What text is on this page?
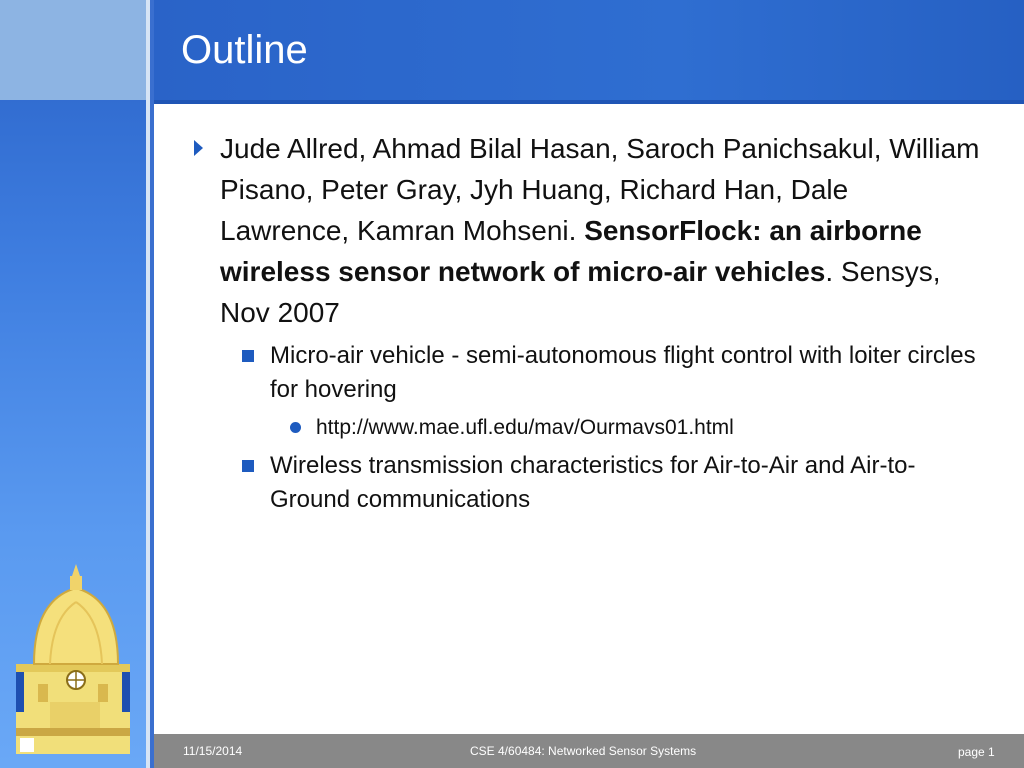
Outline
Jude Allred, Ahmad Bilal Hasan, Saroch Panichsakul, William Pisano, Peter Gray, Jyh Huang, Richard Han, Dale Lawrence, Kamran Mohseni. SensorFlock: an airborne wireless sensor network of micro-air vehicles. Sensys, Nov 2007
Micro-air vehicle - semi-autonomous flight control with loiter circles for hovering
http://www.mae.ufl.edu/mav/Ourmavs01.html
Wireless transmission characteristics for Air-to-Air and Air-to-Ground communications
11/15/2014	CSE 4/60484: Networked Sensor Systems	page 1
